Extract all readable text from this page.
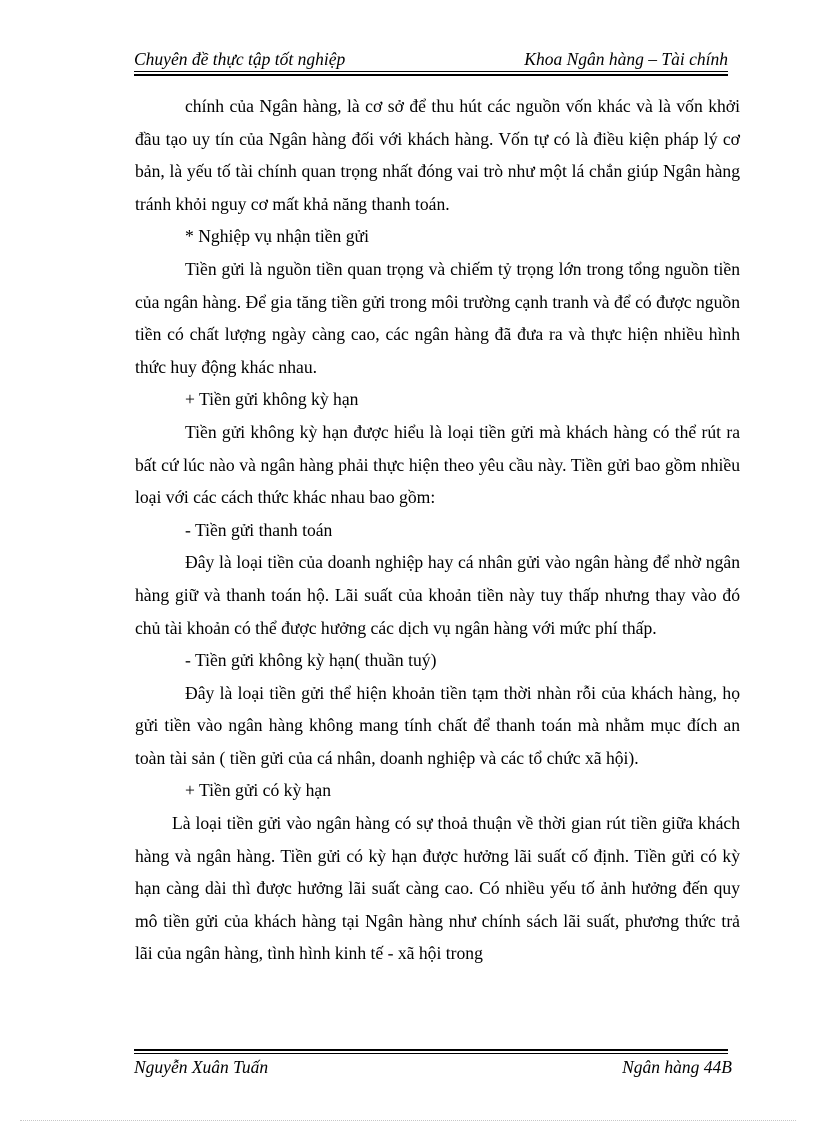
Chuyên đề thực tập tốt nghiệp	Khoa Ngân hàng – Tài chính

chính của Ngân hàng, là cơ sở để thu hút các nguồn vốn khác và là vốn khởi đầu tạo uy tín của Ngân hàng đối với khách hàng. Vốn tự có là điều kiện pháp lý cơ bản, là yếu tố tài chính quan trọng nhất đóng vai trò như một lá chắn giúp Ngân hàng tránh khỏi nguy cơ mất khả năng thanh toán.

* Nghiệp vụ nhận tiền gửi

Tiền gửi là nguồn tiền quan trọng và chiếm tỷ trọng lớn trong tổng nguồn tiền của ngân hàng. Để gia tăng tiền gửi trong môi trường cạnh tranh và để có được nguồn tiền có chất lượng ngày càng cao, các ngân hàng đã đưa ra và thực hiện nhiều hình thức huy động khác nhau.

+ Tiền gửi không kỳ hạn

Tiền gửi không kỳ hạn được hiểu là loại tiền gửi mà khách hàng có thể rút ra bất cứ lúc nào và ngân hàng phải thực hiện theo yêu cầu này. Tiền gửi bao gồm nhiều loại với các cách thức khác nhau bao gồm:

- Tiền gửi thanh toán

Đây là loại tiền của doanh nghiệp hay cá nhân gửi vào ngân hàng để nhờ ngân hàng giữ và thanh toán hộ. Lãi suất của khoản tiền này tuy thấp nhưng thay vào đó chủ tài khoản có thể được hưởng các dịch vụ ngân hàng với mức phí thấp.

- Tiền gửi không kỳ hạn( thuần tuý)

Đây là loại tiền gửi thể hiện khoản tiền tạm thời nhàn rỗi của khách hàng, họ gửi tiền vào ngân hàng không mang tính chất để thanh toán mà nhằm mục đích an toàn tài sản ( tiền gửi của cá nhân, doanh nghiệp và các tổ chức xã hội).

+ Tiền gửi có kỳ hạn

Là loại tiền gửi vào ngân hàng có sự thoả thuận về thời gian rút tiền giữa khách hàng và ngân hàng. Tiền gửi có kỳ hạn được hưởng lãi suất cố định. Tiền gửi có kỳ hạn càng dài thì được hưởng lãi suất càng cao. Có nhiều yếu tố ảnh hưởng đến quy mô tiền gửi của khách hàng tại Ngân hàng như chính sách lãi suất, phương thức trả lãi của ngân hàng, tình hình kinh tế - xã hội trong

Nguyễn Xuân Tuấn	Ngân hàng 44B
